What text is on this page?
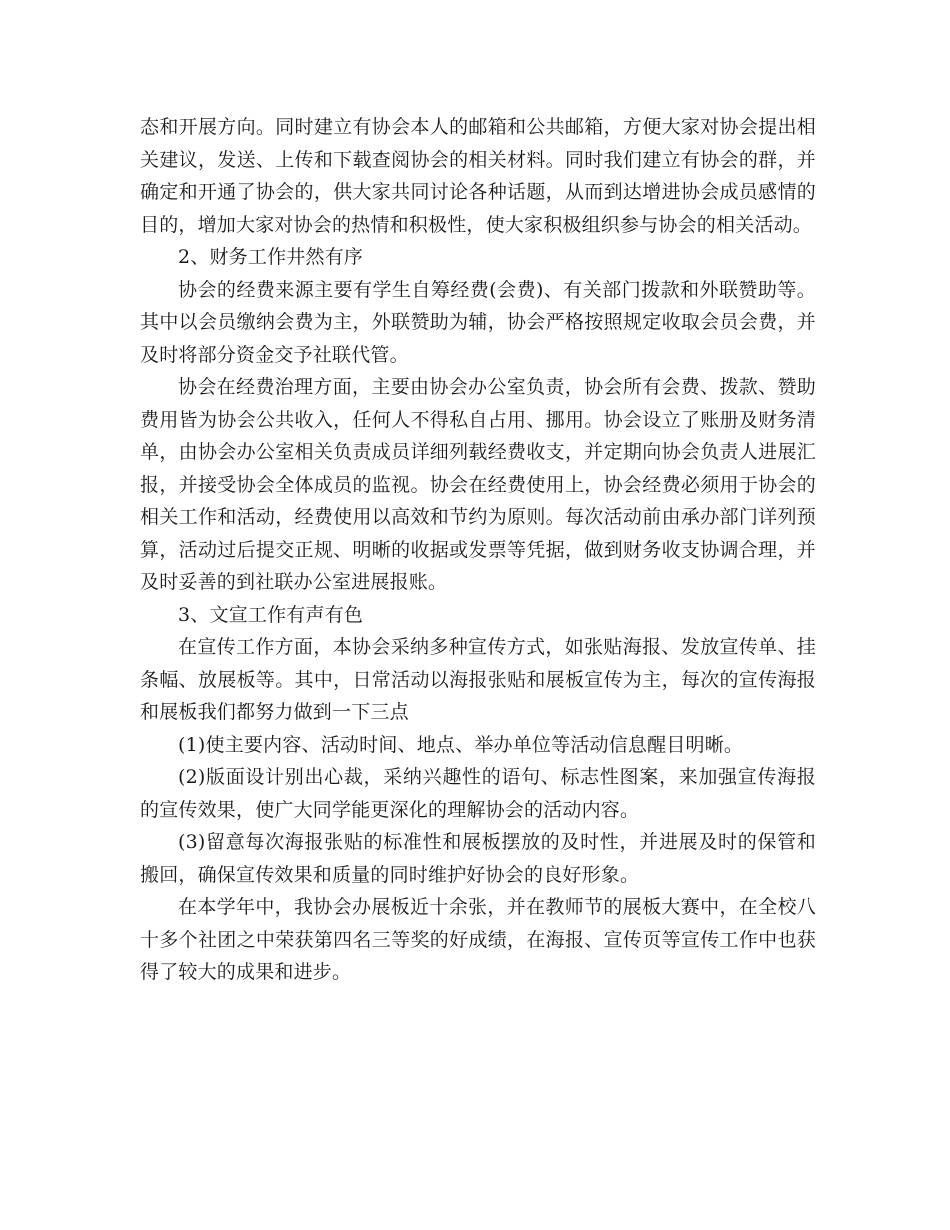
态和开展方向。同时建立有协会本人的邮箱和公共邮箱，方便大家对协会提出相关建议，发送、上传和下载查阅协会的相关材料。同时我们建立有协会的群，并确定和开通了协会的，供大家共同讨论各种话题，从而到达增进协会成员感情的目的，增加大家对协会的热情和积极性，使大家积极组织参与协会的相关活动。

2、财务工作井然有序

协会的经费来源主要有学生自筹经费(会费)、有关部门拨款和外联赞助等。其中以会员缴纳会费为主，外联赞助为辅，协会严格按照规定收取会员会费，并及时将部分资金交予社联代管。

协会在经费治理方面，主要由协会办公室负责，协会所有会费、拨款、赞助费用皆为协会公共收入，任何人不得私自占用、挪用。协会设立了账册及财务清单，由协会办公室相关负责成员详细列载经费收支，并定期向协会负责人进展汇报，并接受协会全体成员的监视。协会在经费使用上，协会经费必须用于协会的相关工作和活动，经费使用以高效和节约为原则。每次活动前由承办部门详列预算，活动过后提交正规、明晰的收据或发票等凭据，做到财务收支协调合理，并及时妥善的到社联办公室进展报账。

3、文宣工作有声有色

在宣传工作方面，本协会采纳多种宣传方式，如张贴海报、发放宣传单、挂条幅、放展板等。其中，日常活动以海报张贴和展板宣传为主，每次的宣传海报和展板我们都努力做到一下三点

(1)使主要内容、活动时间、地点、举办单位等活动信息醒目明晰。

(2)版面设计别出心裁，采纳兴趣性的语句、标志性图案，来加强宣传海报的宣传效果，使广大同学能更深化的理解协会的活动内容。

(3)留意每次海报张贴的标准性和展板摆放的及时性，并进展及时的保管和搬回，确保宣传效果和质量的同时维护好协会的良好形象。

在本学年中，我协会办展板近十余张，并在教师节的展板大赛中，在全校八十多个社团之中荣获第四名三等奖的好成绩，在海报、宣传页等宣传工作中也获得了较大的成果和进步。
